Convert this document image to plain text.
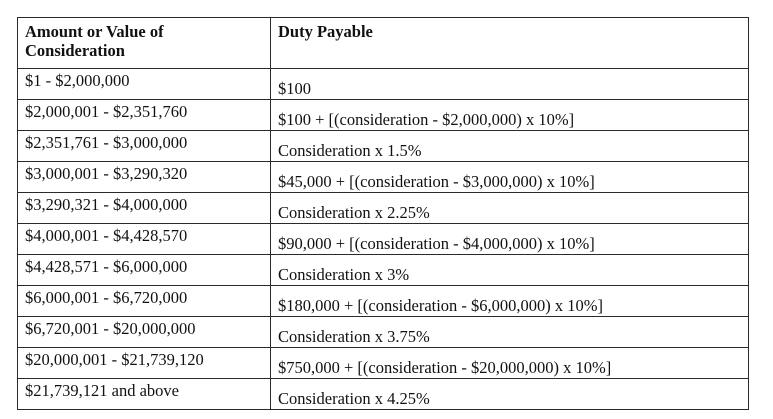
Amount or Value of Consideration	Duty Payable

$1 - $2,000,000	$100

$2,000,001 - $2,351,760	$100 + [(consideration - $2,000,000) x 10%]

$2,351,761 - $3,000,000	Consideration x 1.5%

$3,000,001 - $3,290,320	$45,000 + [(consideration - $3,000,000) x 10%]

$3,290,321 - $4,000,000	Consideration x 2.25%

$4,000,001 - $4,428,570	$90,000 + [(consideration - $4,000,000) x 10%]

$4,428,571 - $6,000,000	Consideration x 3%

$6,000,001 - $6,720,000	$180,000 + [(consideration - $6,000,000) x 10%]

$6,720,001 - $20,000,000	Consideration x 3.75%

$20,000,001 - $21,739,120	$750,000 + [(consideration - $20,000,000) x 10%]

$21,739,121 and above	Consideration x 4.25%
